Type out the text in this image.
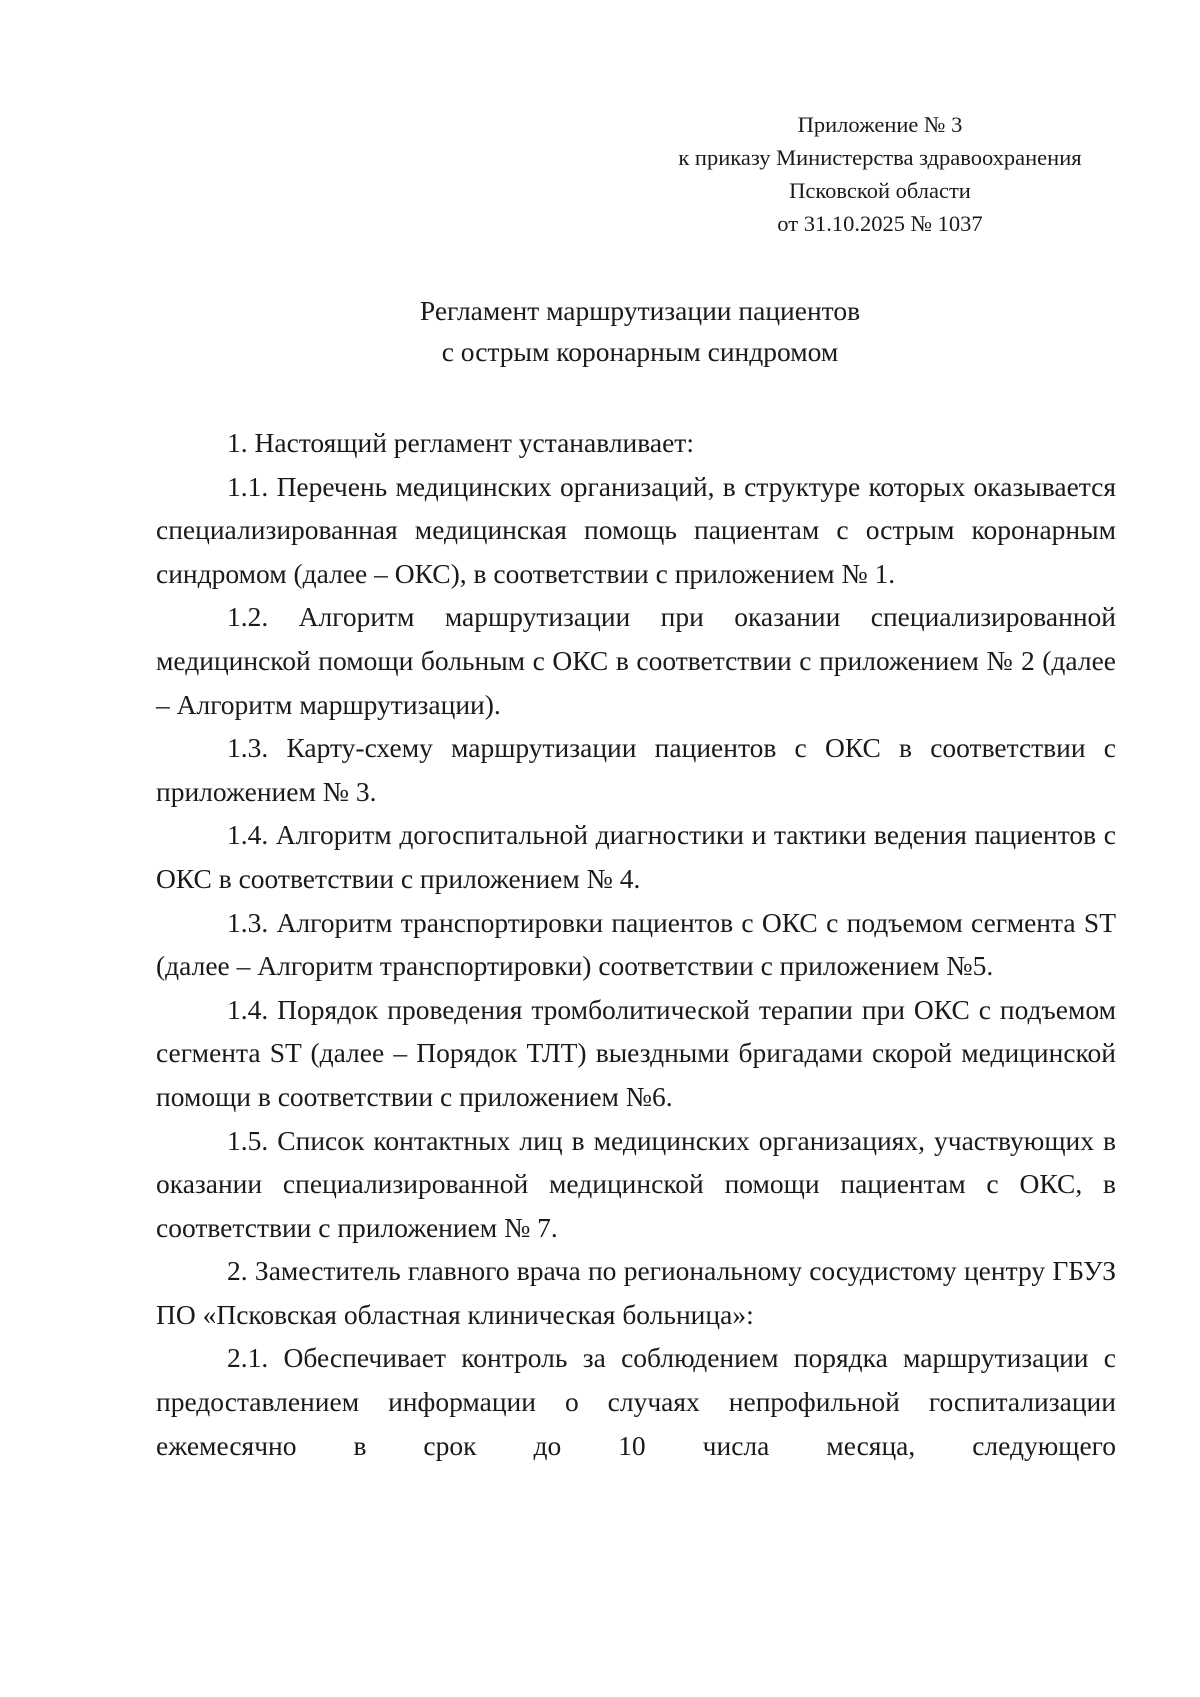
Приложение № 3
к приказу Министерства здравоохранения
Псковской области
от 31.10.2025 № 1037
Регламент маршрутизации пациентов
с острым коронарным синдромом

1. Настоящий регламент устанавливает:

1.1. Перечень медицинских организаций, в структуре которых оказывается специализированная медицинская помощь пациентам с острым коронарным синдромом (далее – ОКС), в соответствии с приложением № 1.

1.2. Алгоритм маршрутизации при оказании специализированной медицинской помощи больным с ОКС в соответствии с приложением № 2 (далее – Алгоритм маршрутизации).

1.3. Карту-схему маршрутизации пациентов с ОКС в соответствии с приложением № 3.

1.4. Алгоритм догоспитальной диагностики и тактики ведения пациентов с ОКС в соответствии с приложением № 4.

1.3. Алгоритм транспортировки пациентов с ОКС с подъемом сегмента ST (далее – Алгоритм транспортировки) соответствии с приложением №5.

1.4. Порядок проведения тромболитической терапии при ОКС с подъемом сегмента ST (далее – Порядок ТЛТ) выездными бригадами скорой медицинской помощи в соответствии с приложением №6.

1.5. Список контактных лиц в медицинских организациях, участвующих в оказании специализированной медицинской помощи пациентам с ОКС, в соответствии с приложением № 7.

2. Заместитель главного врача по региональному сосудистому центру ГБУЗ ПО «Псковская областная клиническая больница»:

2.1. Обеспечивает контроль за соблюдением порядка маршрутизации с предоставлением информации о случаях непрофильной госпитализации ежемесячно в срок до 10 числа месяца, следующего
